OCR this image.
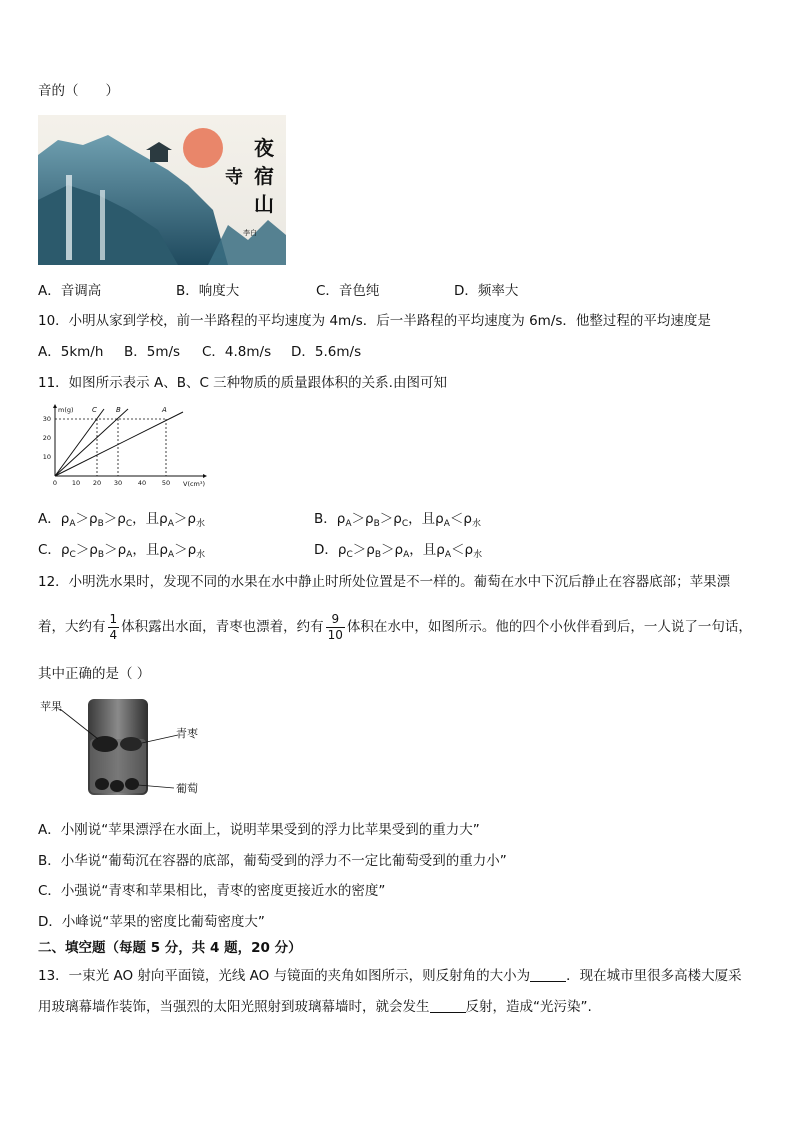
音的（　　）
夜
宿
山
寺
李白
A．音调高	B．响度大	C．音色纯	D．频率大
10．小明从家到学校，前一半路程的平均速度为 4m/s．后一半路程的平均速度为 6m/s．他整过程的平均速度是
A．5km/h B．5m/s C．4.8m/s D．5.6m/s
11．如图所示表示 A、B、C 三种物质的质量跟体积的关系.由图可知
m(g)
V(cm³)
C	B	A
30
20
10
0 10 20 30 40 50
A．$\rho_A>\rho_B>\rho_C$，且$\rho_A>\rho_水$	B．$\rho_A>\rho_B>\rho_C$，且$\rho_A<\rho_水$
C．$\rho_C>\rho_B>\rho_A$，且$\rho_A>\rho_水$	D．$\rho_C>\rho_B>\rho_A$，且$\rho_A<\rho_水$
12．小明洗水果时，发现不同的水果在水中静止时所处位置是不一样的。葡萄在水中下沉后静止在容器底部；苹果漂
着，大约有 $\frac{1}{4}$ 体积露出水面，青枣也漂着，约有 $\frac{9}{10}$ 体积在水中，如图所示。他的四个小伙伴看到后，一人说了一句话，
其中正确的是（ ）
苹果
青枣
葡萄
A．小刚说“苹果漂浮在水面上，说明苹果受到的浮力比苹果受到的重力大”
B．小华说“葡萄沉在容器的底部，葡萄受到的浮力不一定比葡萄受到的重力小”
C．小强说“青枣和苹果相比，青枣的密度更接近水的密度”
D．小峰说“苹果的密度比葡萄密度大”
二、填空题（每题 5 分，共 4 题，20 分）
13．一束光 AO 射向平面镜，光线 AO 与镜面的夹角如图所示，则反射角的大小为	．现在城市里很多高楼大厦采
用玻璃幕墙作装饰，当强烈的太阳光照射到玻璃幕墙时，就会发生	反射，造成“光污染”.
